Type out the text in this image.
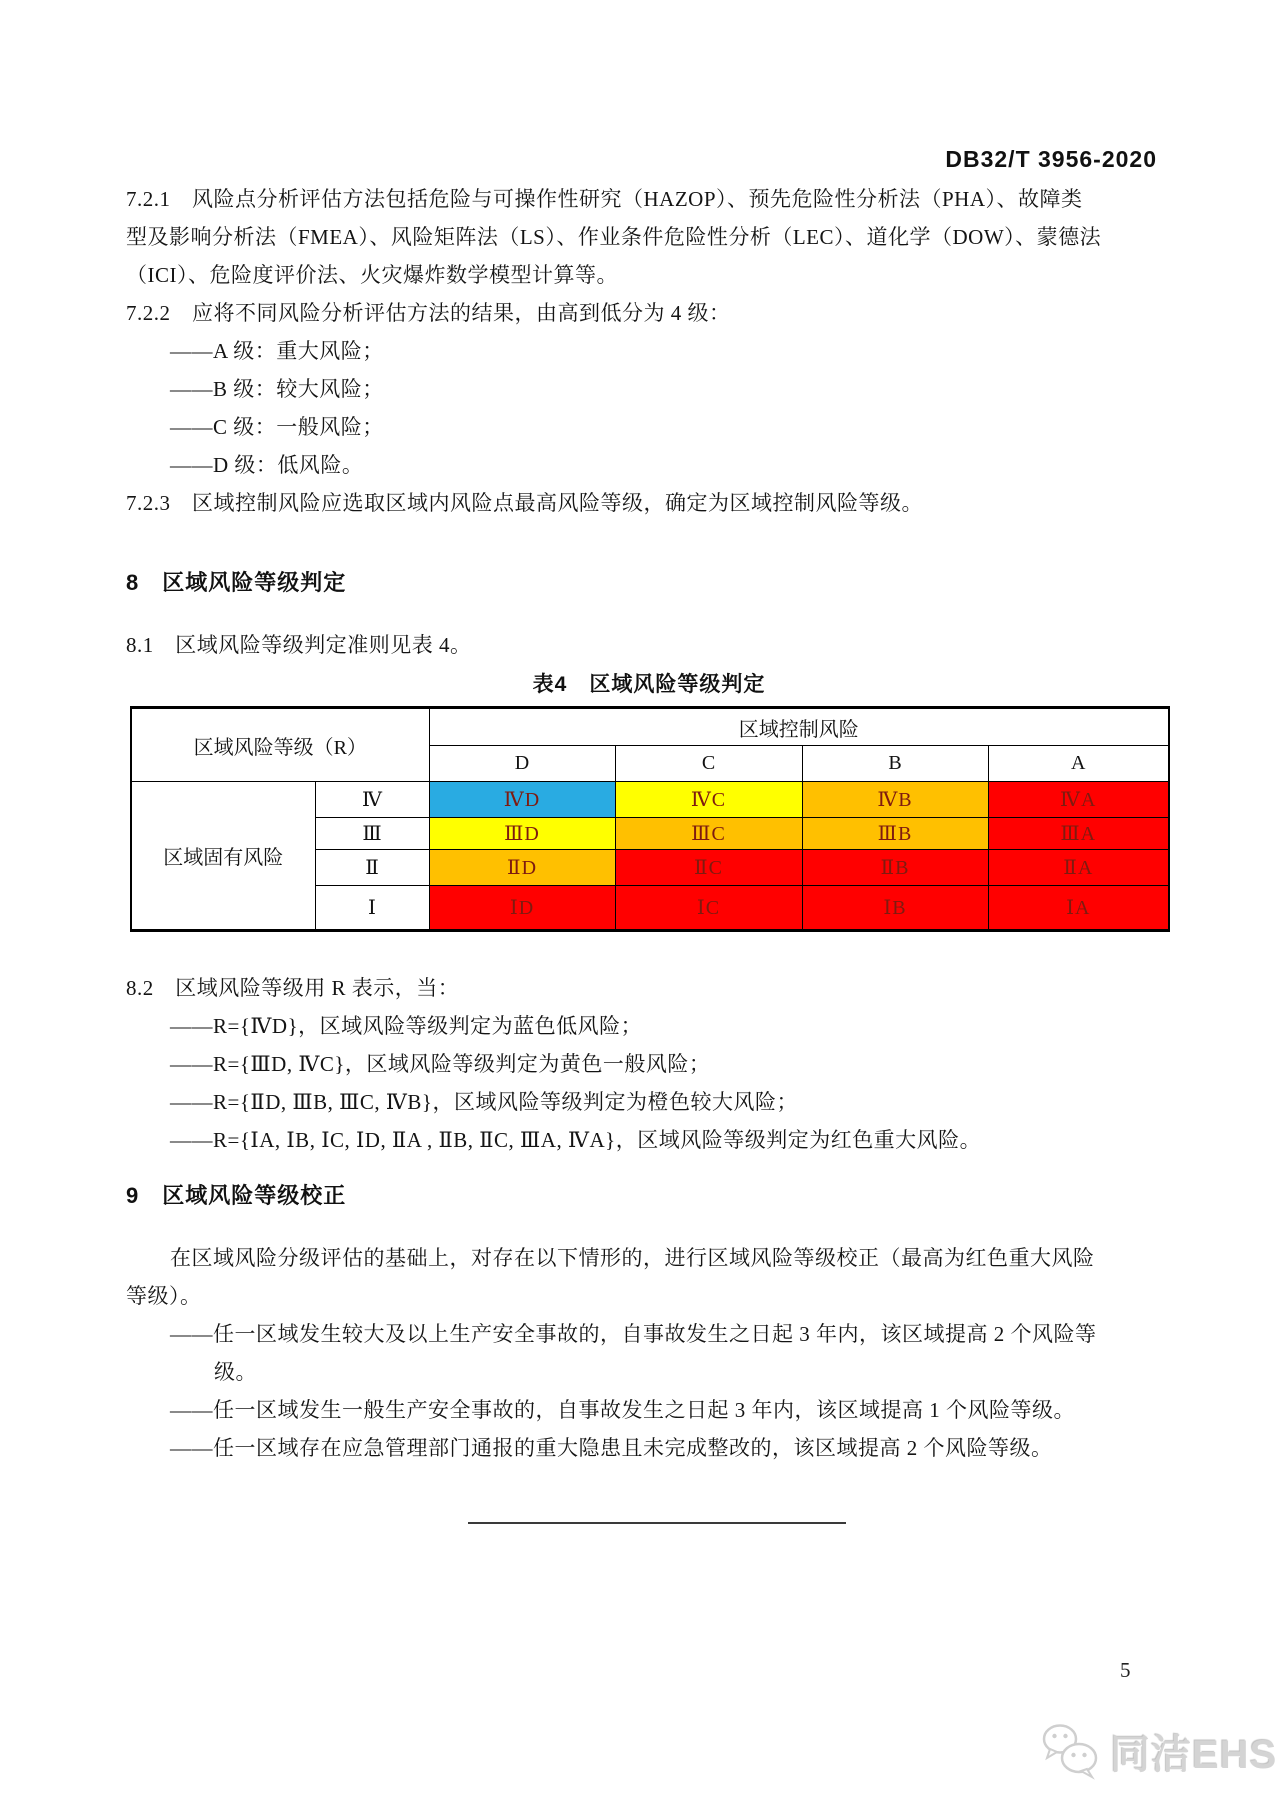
DB32/T 3956-2020
7.2.1　风险点分析评估方法包括危险与可操作性研究（HAZOP）、预先危险性分析法（PHA）、故障类
型及影响分析法（FMEA）、风险矩阵法（LS）、作业条件危险性分析（LEC）、道化学（DOW）、蒙德法
（ICI）、危险度评价法、火灾爆炸数学模型计算等。
7.2.2　应将不同风险分析评估方法的结果，由高到低分为 4 级：
——A 级：重大风险；
——B 级：较大风险；
——C 级：一般风险；
——D 级：低风险。
7.2.3　区域控制风险应选取区域内风险点最高风险等级，确定为区域控制风险等级。
8　区域风险等级判定
8.1　区域风险等级判定准则见表 4。
表4　区域风险等级判定
区域风险等级（R）		区域控制风险			
		D	C	B	A
区域固有风险	Ⅳ	ⅣD	ⅣC	ⅣB	ⅣA
	Ⅲ	ⅢD	ⅢC	ⅢB	ⅢA
	Ⅱ	ⅡD	ⅡC	ⅡB	ⅡA
	Ⅰ	ⅠD	ⅠC	ⅠB	ⅠA
8.2　区域风险等级用 R 表示，当：
——R={ⅣD}，区域风险等级判定为蓝色低风险；
——R={ⅢD, ⅣC}，区域风险等级判定为黄色一般风险；
——R={ⅡD, ⅢB, ⅢC, ⅣB}，区域风险等级判定为橙色较大风险；
——R={ⅠA, ⅠB, ⅠC, ⅠD, ⅡA , ⅡB, ⅡC, ⅢA, ⅣA}，区域风险等级判定为红色重大风险。
9　区域风险等级校正
在区域风险分级评估的基础上，对存在以下情形的，进行区域风险等级校正（最高为红色重大风险
等级）。
——任一区域发生较大及以上生产安全事故的，自事故发生之日起 3 年内，该区域提高 2 个风险等
级。
——任一区域发生一般生产安全事故的，自事故发生之日起 3 年内，该区域提高 1 个风险等级。
——任一区域存在应急管理部门通报的重大隐患且未完成整改的，该区域提高 2 个风险等级。
5
同洁EHS
